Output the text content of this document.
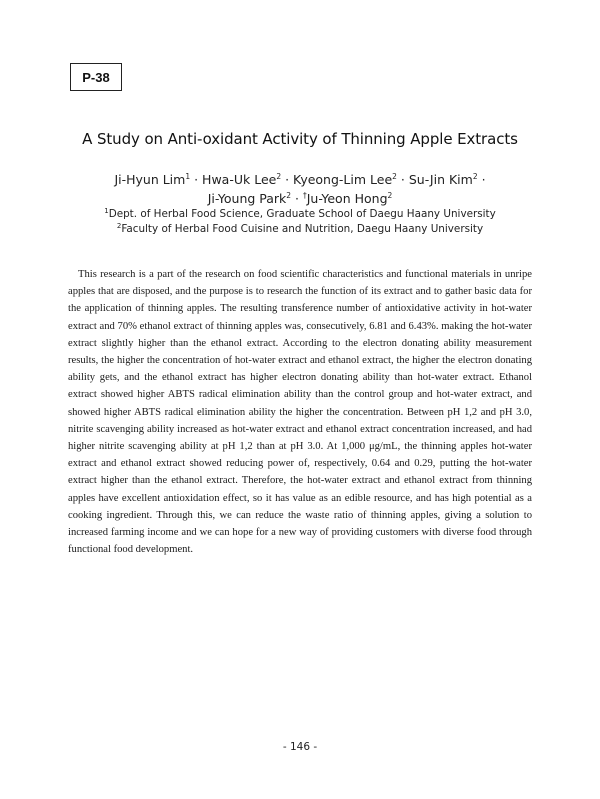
P-38
A Study on Anti-oxidant Activity of Thinning Apple Extracts
Ji-Hyun Lim$^1$ · Hwa-Uk Lee$^2$ · Kyeong-Lim Lee$^2$ · Su-Jin Kim$^2$ ·
Ji-Young Park$^2$ · †Ju-Yeon Hong$^2$
$^1$Dept. of Herbal Food Science, Graduate School of Daegu Haany University
$^2$Faculty of Herbal Food Cuisine and Nutrition, Daegu Haany University

This research is a part of the research on food scientific characteristics and functional materials in unripe apples that are disposed, and the purpose is to research the function of its extract and to gather basic data for the application of thinning apples. The resulting transference number of antioxidative activity in hot-water extract and 70% ethanol extract of thinning apples was, consecutively, 6.81 and 6.43%. making the hot-water extract slightly higher than the ethanol extract. According to the electron donating ability measurement results, the higher the concentration of hot-water extract and ethanol extract, the higher the electron donating ability gets, and the ethanol extract has higher electron donating ability than hot-water extract. Ethanol extract showed higher ABTS radical elimination ability than the control group and hot-water extract, and showed higher ABTS radical elimination ability the higher the concentration. Between pH 1,2 and pH 3.0, nitrite scavenging ability increased as hot-water extract and ethanol extract concentration increased, and had higher nitrite scavenging ability at pH 1,2 than at pH 3.0. At 1,000 μg/mL, the thinning apples hot-water extract and ethanol extract showed reducing power of, respectively, 0.64 and 0.29, putting the hot-water extract higher than the ethanol extract. Therefore, the hot-water extract and ethanol extract from thinning apples have excellent antioxidation effect, so it has value as an edible resource, and has high potential as a cooking ingredient. Through this, we can reduce the waste ratio of thinning apples, giving a solution to increased farming income and we can hope for a new way of providing customers with diverse food through functional food development.

- 146 -
